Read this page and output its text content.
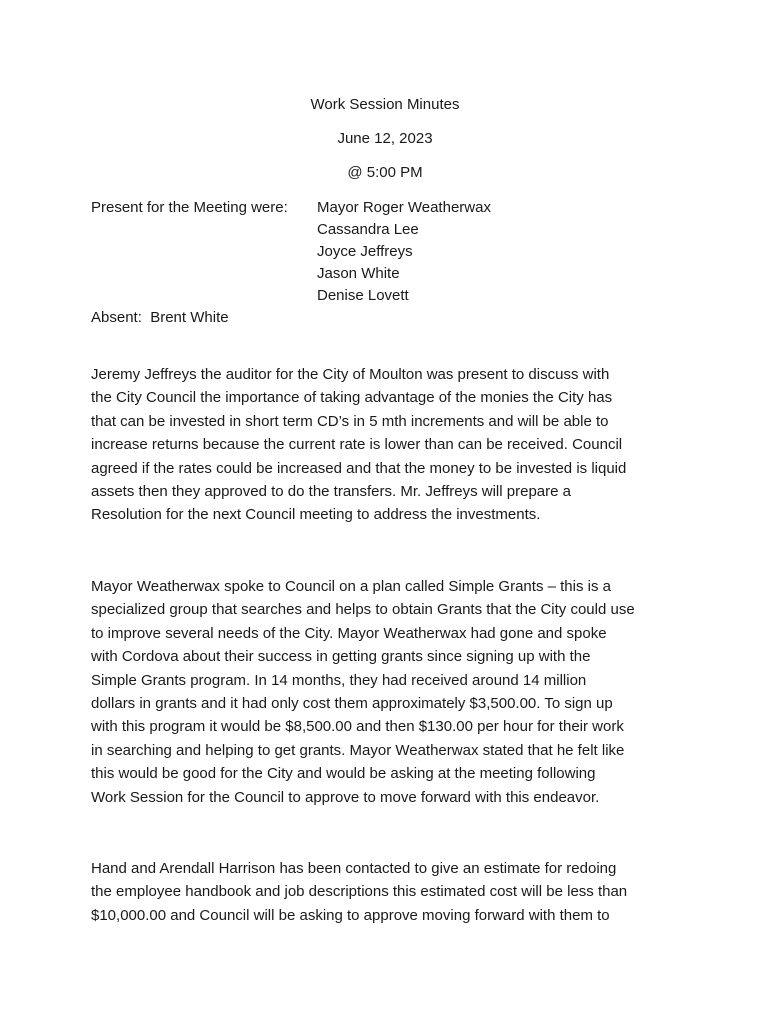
Work Session Minutes
June 12, 2023
@ 5:00 PM
Present for the Meeting were: Mayor Roger Weatherwax
Cassandra Lee
Joyce Jeffreys
Jason White
Denise Lovett
Absent: Brent White

Jeremy Jeffreys the auditor for the City of Moulton was present to discuss with
the City Council the importance of taking advantage of the monies the City has
that can be invested in short term CD’s in 5 mth increments and will be able to
increase returns because the current rate is lower than can be received. Council
agreed if the rates could be increased and that the money to be invested is liquid
assets then they approved to do the transfers. Mr. Jeffreys will prepare a
Resolution for the next Council meeting to address the investments.

Mayor Weatherwax spoke to Council on a plan called Simple Grants – this is a
specialized group that searches and helps to obtain Grants that the City could use
to improve several needs of the City. Mayor Weatherwax had gone and spoke
with Cordova about their success in getting grants since signing up with the
Simple Grants program. In 14 months, they had received around 14 million
dollars in grants and it had only cost them approximately $3,500.00. To sign up
with this program it would be $8,500.00 and then $130.00 per hour for their work
in searching and helping to get grants. Mayor Weatherwax stated that he felt like
this would be good for the City and would be asking at the meeting following
Work Session for the Council to approve to move forward with this endeavor.

Hand and Arendall Harrison has been contacted to give an estimate for redoing
the employee handbook and job descriptions this estimated cost will be less than
$10,000.00 and Council will be asking to approve moving forward with them to
